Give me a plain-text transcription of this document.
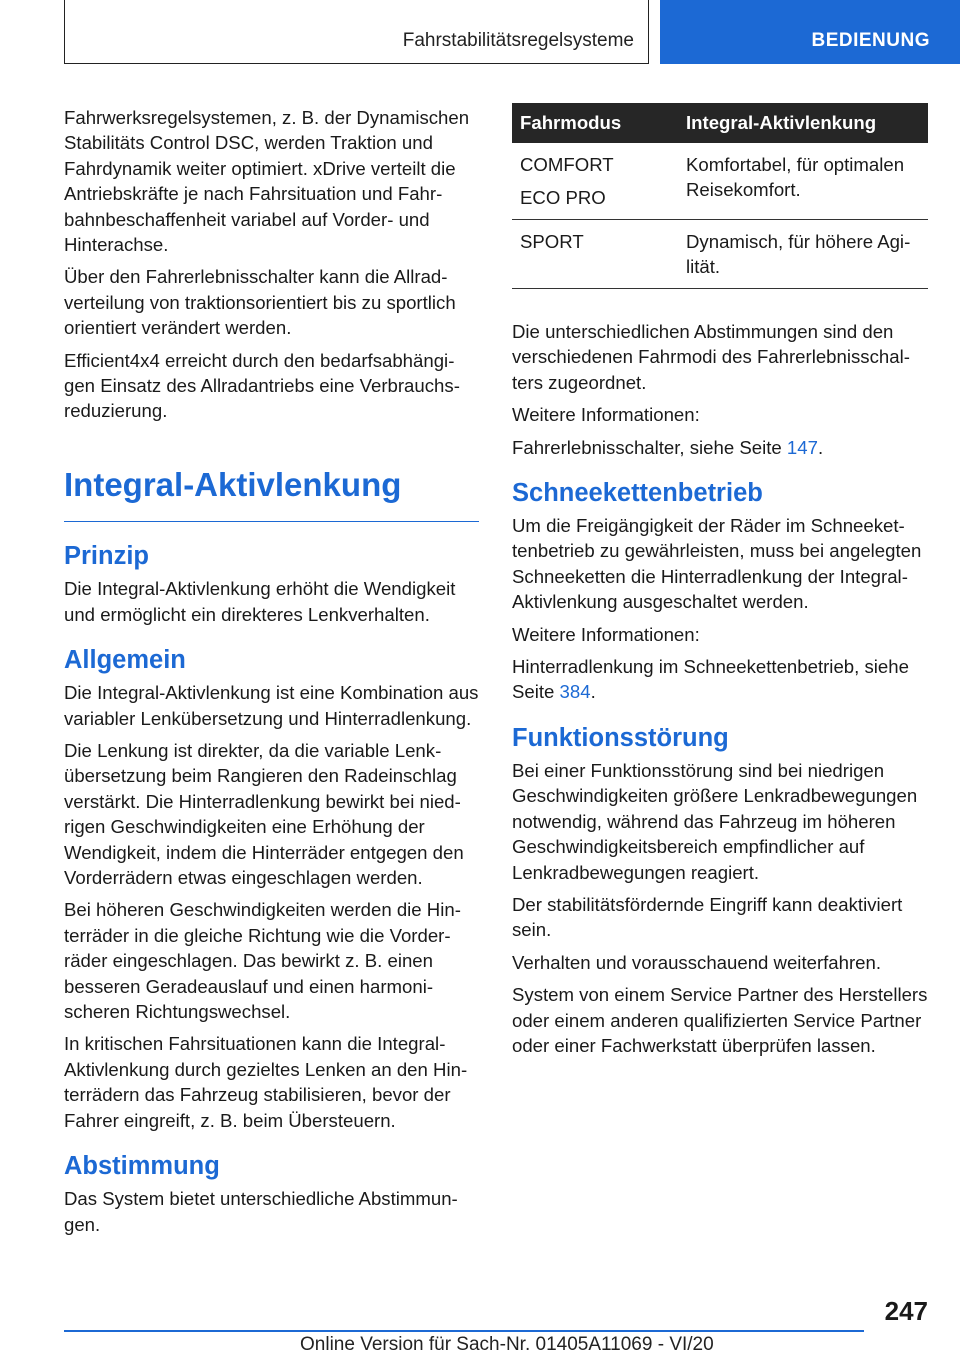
Fahrstabilitätsregelsysteme	BEDIENUNG

Fahrwerksregelsystemen, z. B. der Dynamischen Stabilitäts Control DSC, werden Traktion und Fahrdynamik weiter optimiert. xDrive verteilt die Antriebskräfte je nach Fahrsituation und Fahrbahnbeschaffenheit variabel auf Vorder- und Hinterachse.

Über den Fahrerlebnisschalter kann die Allradverteilung von traktionsorientiert bis zu sportlich orientiert verändert werden.

Efficient4x4 erreicht durch den bedarfsabhängigen Einsatz des Allradantriebs eine Verbrauchsreduzierung.

Integral-Aktivlenkung
Prinzip

Die Integral-Aktivlenkung erhöht die Wendigkeit und ermöglicht ein direkteres Lenkverhalten.

Allgemein

Die Integral-Aktivlenkung ist eine Kombination aus variabler Lenkübersetzung und Hinterradlenkung.

Die Lenkung ist direkter, da die variable Lenkübersetzung beim Rangieren den Radeinschlag verstärkt. Die Hinterradlenkung bewirkt bei niedrigen Geschwindigkeiten eine Erhöhung der Wendigkeit, indem die Hinterräder entgegen den Vorderrädern etwas eingeschlagen werden.

Bei höheren Geschwindigkeiten werden die Hinterräder in die gleiche Richtung wie die Vorderräder eingeschlagen. Das bewirkt z. B. einen besseren Geradeauslauf und einen harmonischeren Richtungswechsel.

In kritischen Fahrsituationen kann die Integral-Aktivlenkung durch gezieltes Lenken an den Hinterrädern das Fahrzeug stabilisieren, bevor der Fahrer eingreift, z. B. beim Übersteuern.

Abstimmung

Das System bietet unterschiedliche Abstimmungen.

Fahrmodus	Integral-Aktivlenkung

COMFORT
ECO PRO	Komfortabel, für optimalen Reisekomfort.
SPORT	Dynamisch, für höhere Agilität.

Die unterschiedlichen Abstimmungen sind den verschiedenen Fahrmodi des Fahrerlebnisschalters zugeordnet.

Weitere Informationen:

Fahrerlebnisschalter, siehe Seite 147.

Schneekettenbetrieb

Um die Freigängigkeit der Räder im Schneekettenbetrieb zu gewährleisten, muss bei angelegten Schneeketten die Hinterradlenkung der Integral-Aktivlenkung ausgeschaltet werden.

Weitere Informationen:

Hinterradlenkung im Schneekettenbetrieb, siehe Seite 384.

Funktionsstörung

Bei einer Funktionsstörung sind bei niedrigen Geschwindigkeiten größere Lenkradbewegungen notwendig, während das Fahrzeug im höheren Geschwindigkeitsbereich empfindlicher auf Lenkradbewegungen reagiert.

Der stabilitätsfördernde Eingriff kann deaktiviert sein.

Verhalten und vorausschauend weiterfahren.

System von einem Service Partner des Herstellers oder einem anderen qualifizierten Service Partner oder einer Fachwerkstatt überprüfen lassen.

247
Online Version für Sach-Nr. 01405A11069 - VI/20
